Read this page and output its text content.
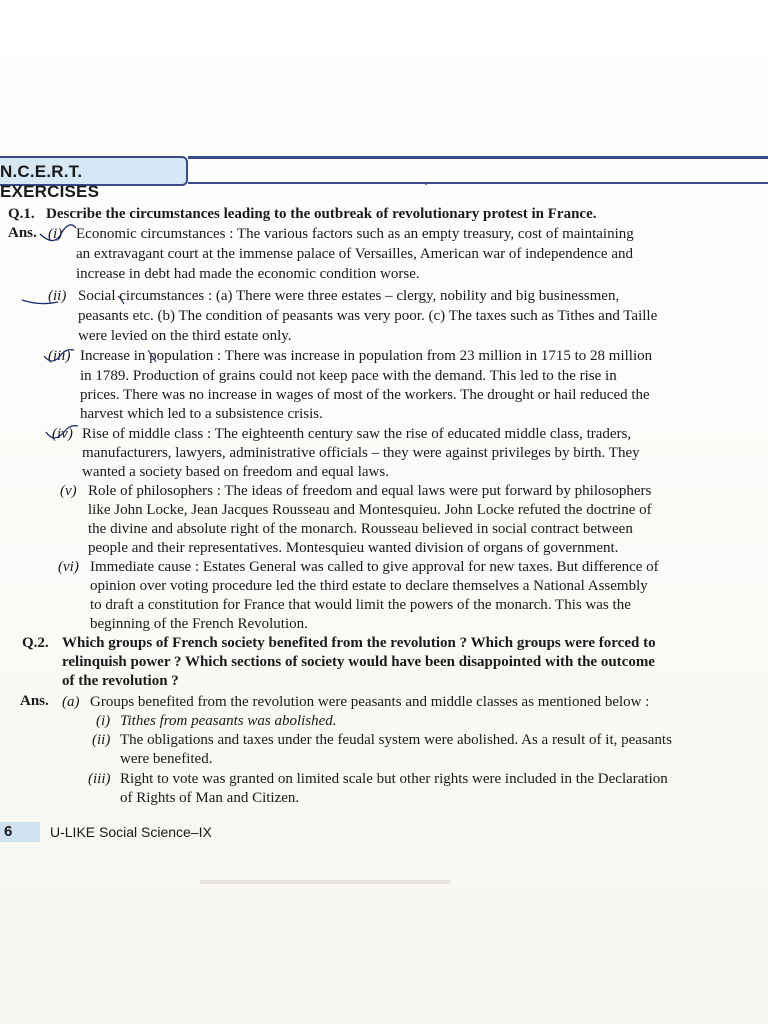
N.C.E.R.T. EXERCISES
Q.1. Describe the circumstances leading to the outbreak of revolutionary protest in France.
Ans. (i) Economic circumstances : The various factors such as an empty treasury, cost of maintaining
an extravagant court at the immense palace of Versailles, American war of independence and
increase in debt had made the economic condition worse.
(ii) Social circumstances : (a) There were three estates – clergy, nobility and big businessmen,
peasants etc. (b) The condition of peasants was very poor. (c) The taxes such as Tithes and Taille
were levied on the third estate only.
(iii) Increase in population : There was increase in population from 23 million in 1715 to 28 million
in 1789. Production of grains could not keep pace with the demand. This led to the rise in
prices. There was no increase in wages of most of the workers. The drought or hail reduced the
harvest which led to a subsistence crisis.
(iv) Rise of middle class : The eighteenth century saw the rise of educated middle class, traders,
manufacturers, lawyers, administrative officials – they were against privileges by birth. They
wanted a society based on freedom and equal laws.
(v) Role of philosophers : The ideas of freedom and equal laws were put forward by philosophers
like John Locke, Jean Jacques Rousseau and Montesquieu. John Locke refuted the doctrine of
the divine and absolute right of the monarch. Rousseau believed in social contract between
people and their representatives. Montesquieu wanted division of organs of government.
(vi) Immediate cause : Estates General was called to give approval for new taxes. But difference of
opinion over voting procedure led the third estate to declare themselves a National Assembly
to draft a constitution for France that would limit the powers of the monarch. This was the
beginning of the French Revolution.
Q.2. Which groups of French society benefited from the revolution ? Which groups were forced to
relinquish power ? Which sections of society would have been disappointed with the outcome
of the revolution ?
Ans. (a) Groups benefited from the revolution were peasants and middle classes as mentioned below :
(i) Tithes from peasants was abolished.
(ii) The obligations and taxes under the feudal system were abolished. As a result of it, peasants
were benefited.
(iii) Right to vote was granted on limited scale but other rights were included in the Declaration
of Rights of Man and Citizen.
6	U-LIKE Social Science–IX
